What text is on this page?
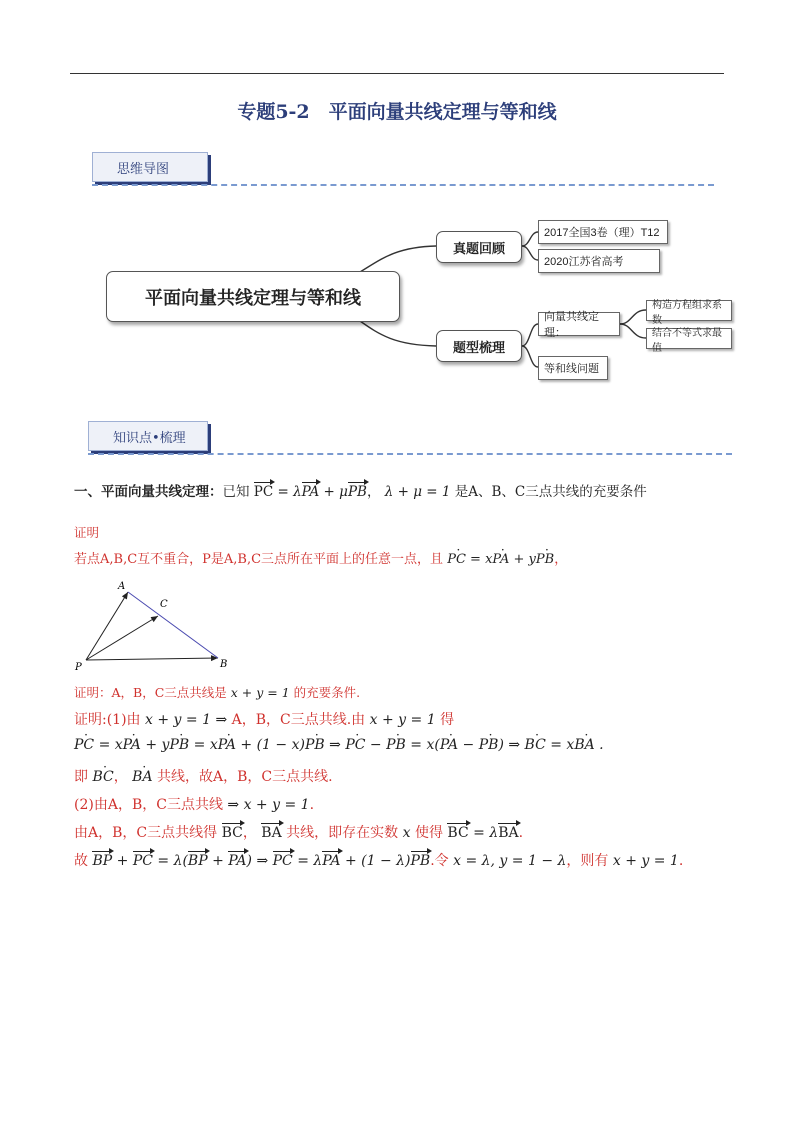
专题5-2　平面向量共线定理与等和线
思维导图
平面向量共线定理与等和线
真题回顾
题型梳理
2017全国3卷（理）T12
2020江苏省高考
向量共线定理：
等和线问题
构造方程组求系数
结合不等式求最值
知识点•梳理
一、平面向量共线定理：已知 PC = λPA + μPB， λ + μ = 1 是A、B、C三点共线的充要条件
证明
若点A,B,C互不重合，P是A,B,C三点所在平面上的任意一点，且 PC · = xPA · + yPB ·，
A
C
P	B
证明：A，B，C三点共线是 x + y = 1 的充要条件.
证明:(1)由 x + y = 1 ⇒ A，B，C三点共线.由 x + y = 1 得
PC · = xPA · + yPB · = xPA · + (1 − x)PB · ⇒ PC · − PB · = x(PA · − PB ·) ⇒ BC · = xBA · .
即 BC ·， BA · 共线，故A，B，C三点共线.
(2)由A，B，C三点共线 ⇒ x + y = 1.
由A，B，C三点共线得 BC， BA 共线，即存在实数 x 使得 BC = λBA.
故 BP + PC = λ(BP + PA) ⇒ PC = λPA + (1 − λ)PB.令 x = λ, y = 1 − λ，则有 x + y = 1.
